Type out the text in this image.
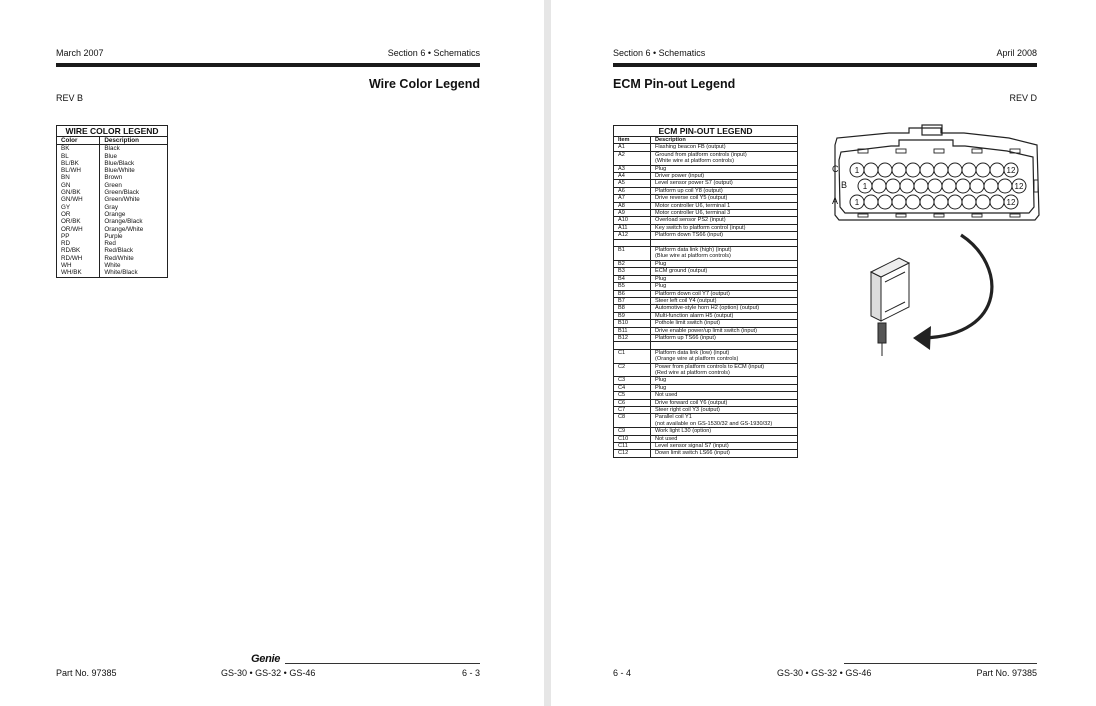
March 2007	Section 6 • Schematics
Wire Color Legend
REV B
WIRE COLOR LEGEND	
Color	Description
BK	Black
BL	Blue
BL/BK	Blue/Black
BL/WH	Blue/White
BN	Brown
GN	Green
GN/BK	Green/Black
GN/WH	Green/White
GY	Gray
OR	Orange
OR/BK	Orange/Black
OR/WH	Orange/White
PP	Purple
RD	Red
RD/BK	Red/Black
RD/WH	Red/White
WH	White
WH/BK	White/Black
Genie
Part No. 97385	GS-30 • GS-32 • GS-46	6 - 3
Section 6 • Schematics	April 2008
ECM Pin-out Legend
REV D
ECM PIN-OUT LEGEND	
Item	Description
A1	Flashing beacon FB (output)

A2	Ground from platform controls (input)
(White wire at platform controls)

A3	Plug

A4	Driver power (input)

A5	Level sensor power S7 (output)

A6	Platform up coil Y8 (output)

A7	Drive reverse coil Y5 (output)

A8	Motor controller U6, terminal 1

A9	Motor controller U6, terminal 3

A10	Overload sensor PS2 (input)

A11	Key switch to platform control (input)

A12	Platform down TS66 (input)

B1	Platform data link (high) (input)
(Blue wire at platform controls)

B2	Plug

B3	ECM ground (output)

B4	Plug

B5	Plug

B6	Platform down coil Y7 (output)

B7	Steer left coil Y4 (output)

B8	Automotive-style horn H2 (option) (output)

B9	Multi-function alarm H5 (output)

B10	Pothole limit switch (input)

B11	Drive enable power/up limit switch (input)

B12	Platform up TS66 (input)

C1	Platform data link (low) (input)
(Orange wire at platform controls)

C2	Power from platform controls to ECM (input)
(Red wire at platform controls)

C3	Plug

C4	Plug

C5	Not used

C6	Drive forward coil Y6 (output)

C7	Steer right coil Y3 (output)

C8	Parallel coil Y1
(not available on GS-1530/32 and GS-1930/32)

C9	Work light L30 (option)

C10	Not used

C11	Level sensor signal S7 (input)

C12	Down limit switch LS66 (input)
C
B
A
1	12
1	12
1	12
6 - 4	GS-30 • GS-32 • GS-46	Part No. 97385
